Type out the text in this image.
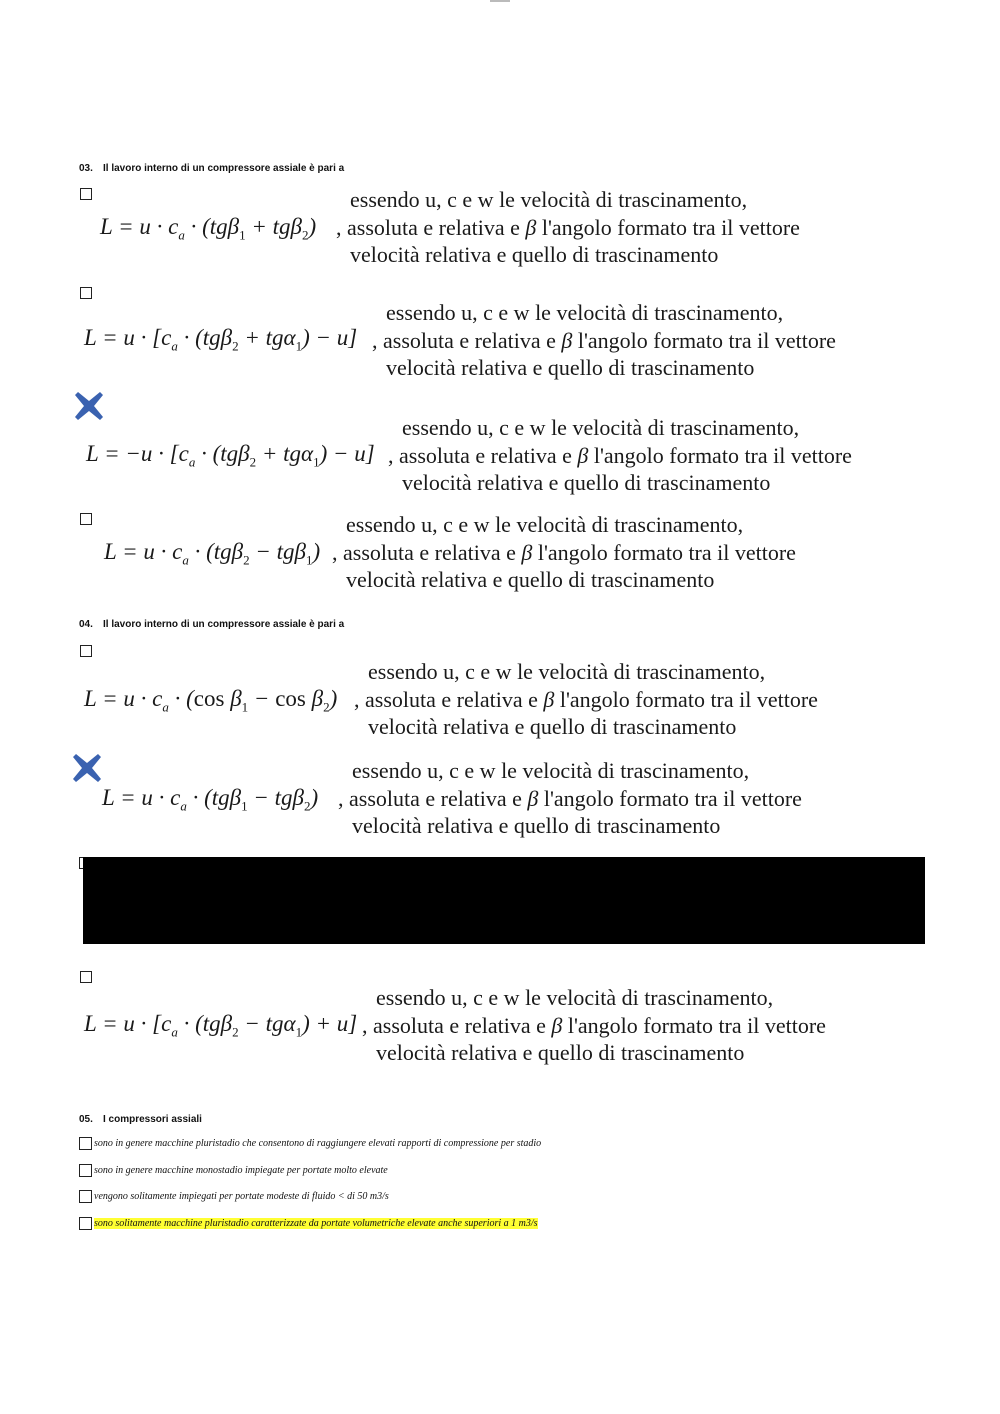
03. Il lavoro interno di un compressore assiale è pari a
$L = u \cdot c_a \cdot (tg\beta_1 + tg\beta_2)$
essendo u, c e w le velocità di trascinamento,
, assoluta e relativa e β l'angolo formato tra il vettore
velocità relativa e quello di trascinamento
$L = u \cdot [c_a \cdot (tg\beta_2 + tg\alpha_1) - u]$
essendo u, c e w le velocità di trascinamento,
, assoluta e relativa e β l'angolo formato tra il vettore
velocità relativa e quello di trascinamento
$L = -u \cdot [c_a \cdot (tg\beta_2 + tg\alpha_1) - u]$
essendo u, c e w le velocità di trascinamento,
, assoluta e relativa e β l'angolo formato tra il vettore
velocità relativa e quello di trascinamento
$L = u \cdot c_a \cdot (tg\beta_2 - tg\beta_1)$
essendo u, c e w le velocità di trascinamento,
, assoluta e relativa e β l'angolo formato tra il vettore
velocità relativa e quello di trascinamento
04. Il lavoro interno di un compressore assiale è pari a
$L = u \cdot c_a \cdot (\cos$ $\beta_1 - \cos \beta_2$)
essendo u, c e w le velocità di trascinamento,
, assoluta e relativa e β l'angolo formato tra il vettore
velocità relativa e quello di trascinamento
$L = u \cdot c_a \cdot (tg\beta_1 - tg\beta_2)$
essendo u, c e w le velocità di trascinamento,
, assoluta e relativa e β l'angolo formato tra il vettore
velocità relativa e quello di trascinamento
$L = u \cdot [c_a \cdot (tg\beta_2 - tg\alpha_1) + u]$
essendo u, c e w le velocità di trascinamento,
, assoluta e relativa e β l'angolo formato tra il vettore
velocità relativa e quello di trascinamento
05. I compressori assiali
sono in genere macchine pluristadio che consentono di raggiungere elevati rapporti di compressione per stadio
sono in genere macchine monostadio impiegate per portate molto elevate
vengono solitamente impiegati per portate modeste di fluido < di 50 m3/s
sono solitamente macchine pluristadio caratterizzate da portate volumetriche elevate anche superiori a 1 m3/s
